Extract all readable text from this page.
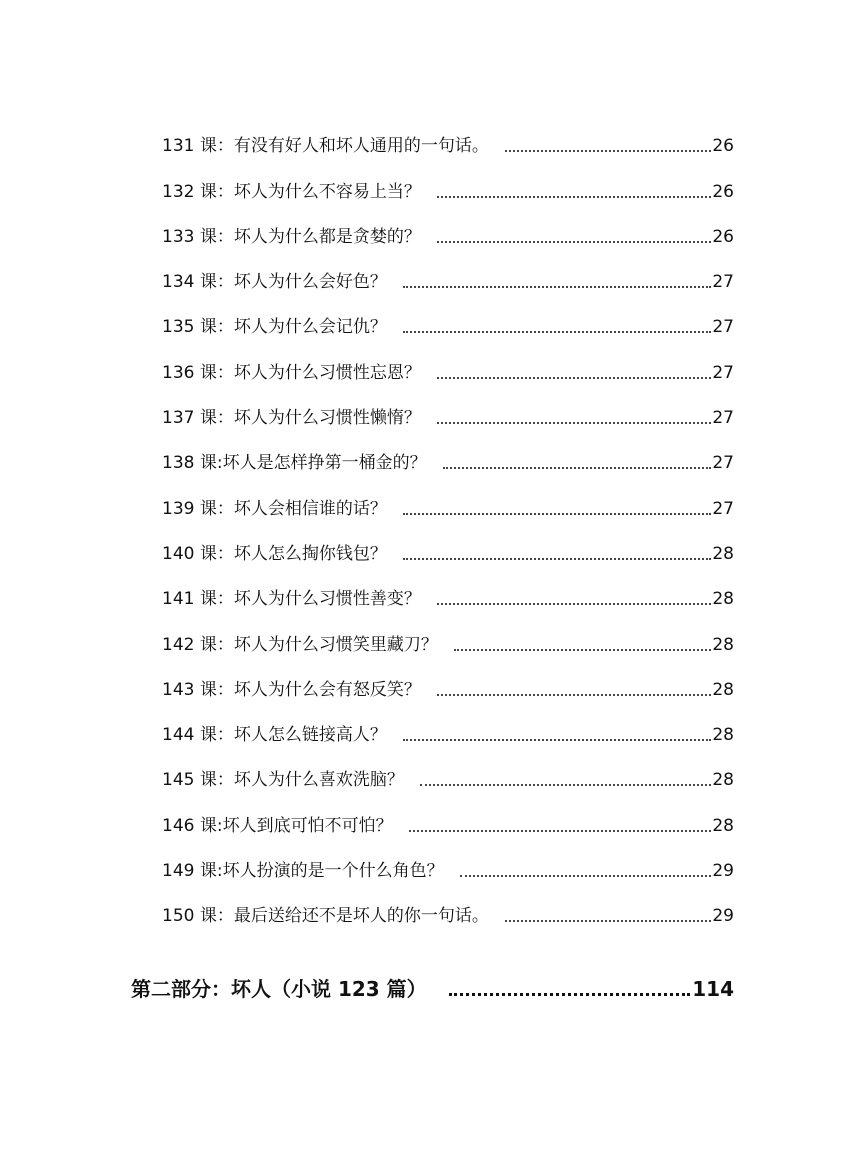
131 课：有没有好人和坏人通用的一句话。	26
132 课：坏人为什么不容易上当？	26
133 课：坏人为什么都是贪婪的？	26
134 课：坏人为什么会好色？	27
135 课：坏人为什么会记仇？	27
136 课：坏人为什么习惯性忘恩？	27
137 课：坏人为什么习惯性懒惰？	27
138 课:坏人是怎样挣第一桶金的？	27
139 课：坏人会相信谁的话？	27
140 课：坏人怎么掏你钱包？	28
141 课：坏人为什么习惯性善变？	28
142 课：坏人为什么习惯笑里藏刀？	28
143 课：坏人为什么会有怒反笑？	28
144 课：坏人怎么链接高人？	28
145 课：坏人为什么喜欢洗脑？	28
146 课:坏人到底可怕不可怕？	28
149 课:坏人扮演的是一个什么角色？	29
150 课：最后送给还不是坏人的你一句话。	29
第二部分：坏人（小说 123 篇）	114
